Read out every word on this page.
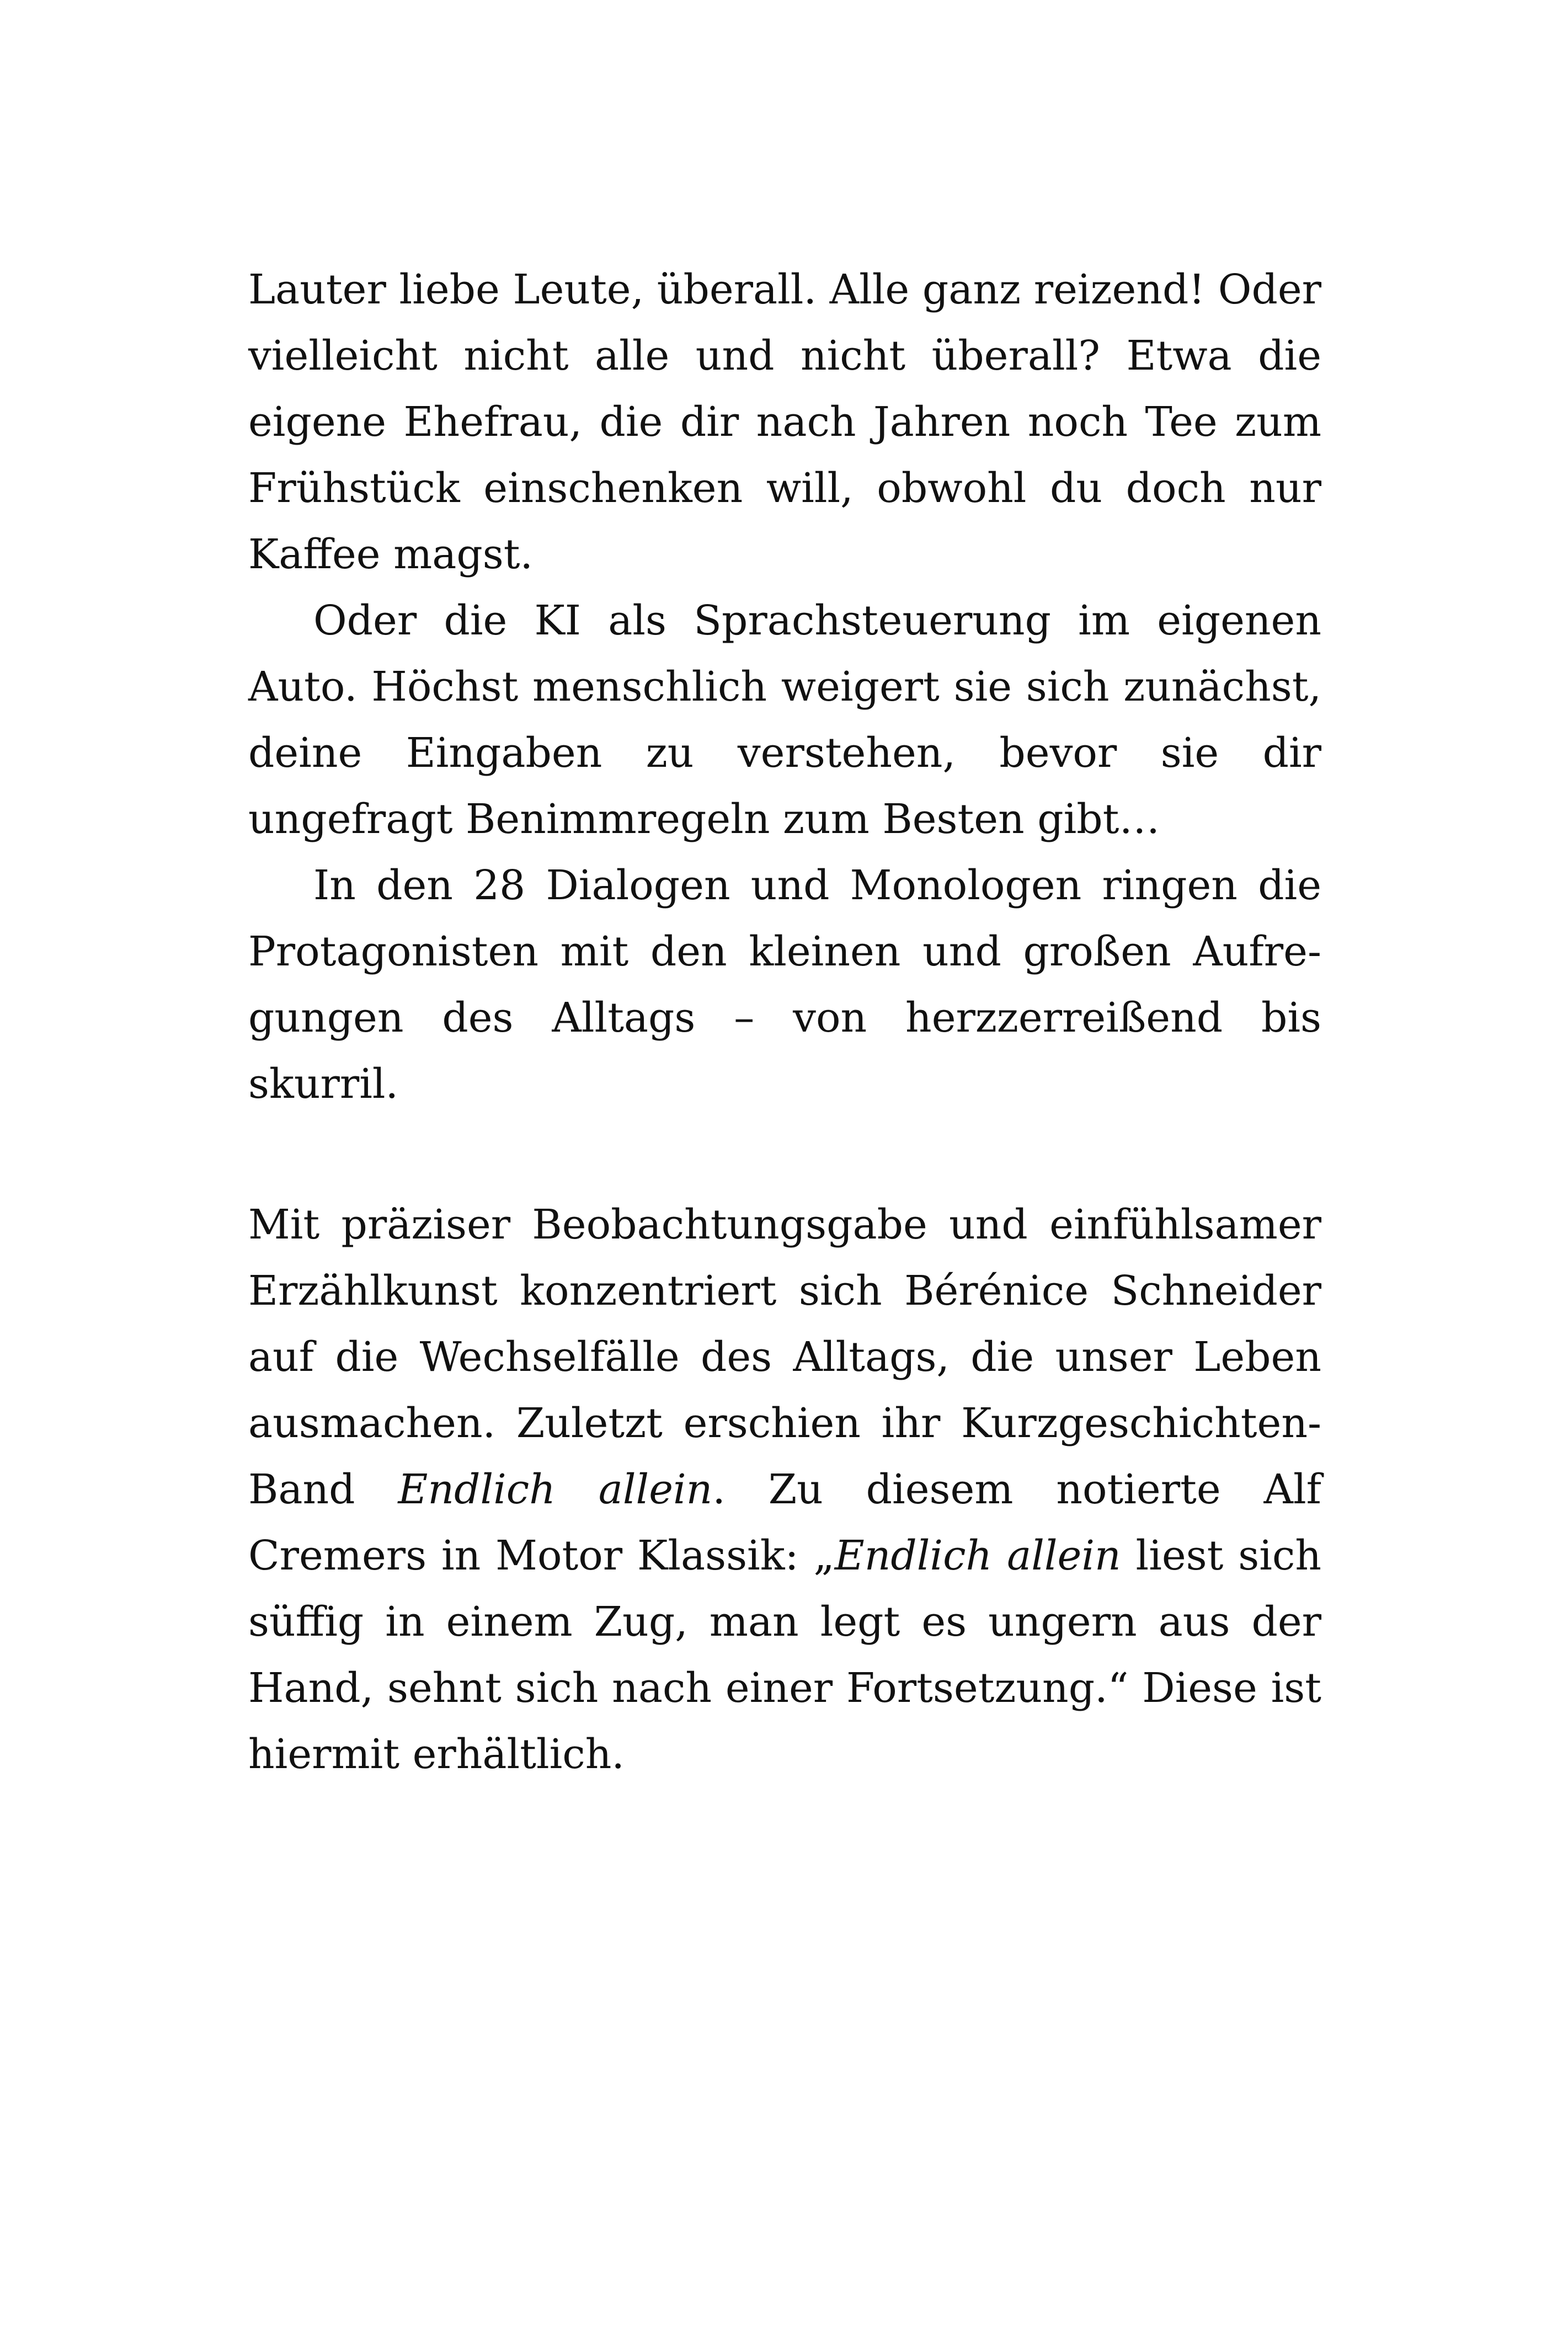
Lauter liebe Leute, überall. Alle ganz reizend! Oder vielleicht nicht alle und nicht überall? Etwa die eigene Ehefrau, die dir nach Jahren noch Tee zum Frühstück einschenken will, obwohl du doch nur Kaffee magst.

Oder die KI als Sprachsteuerung im eigenen Auto. Höchst menschlich weigert sie sich zunächst, deine Eingaben zu verstehen, bevor sie dir ungefragt Benimmregeln zum Besten gibt…

In den 28 Dialogen und Monologen ringen die Protagonisten mit den kleinen und großen Aufregungen des Alltags – von herzzerreißend bis skurril.

Mit präziser Beobachtungsgabe und einfühlsamer Erzählkunst konzentriert sich Bérénice Schneider auf die Wechselfälle des Alltags, die unser Leben ausmachen. Zuletzt erschien ihr Kurzgeschichten-Band Endlich allein. Zu diesem notierte Alf Cremers in Motor Klassik: „Endlich allein liest sich süffig in einem Zug, man legt es ungern aus der Hand, sehnt sich nach einer Fortsetzung.“ Diese ist hiermit erhältlich.
